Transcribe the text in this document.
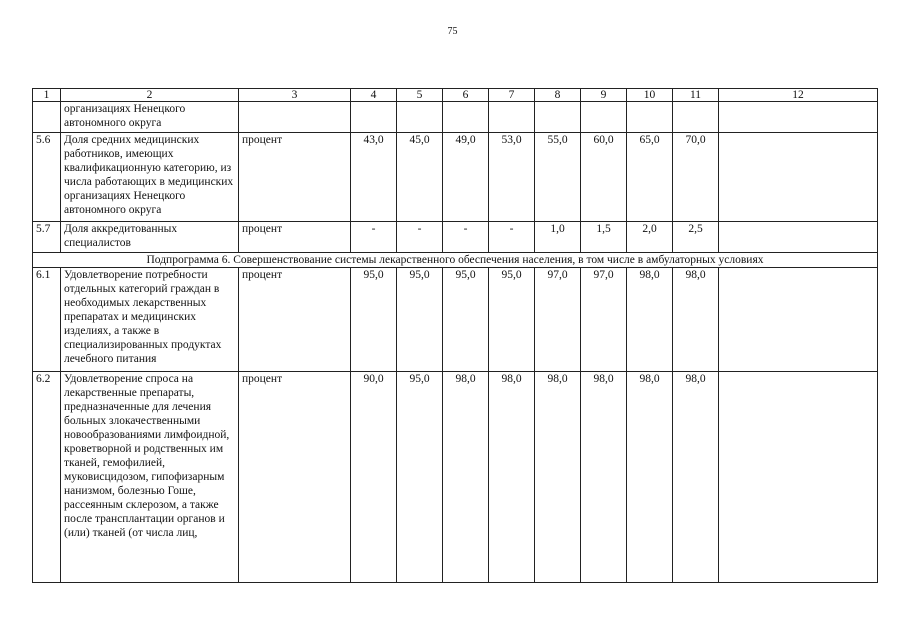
75
1	2	3	4	5	6	7	8	9	10	11	12
	организациях Ненецкого автономного округа										
5.6	Доля средних медицинских работников, имеющих квалификационную категорию, из числа работающих в медицинских организациях Ненецкого автономного округа	процент	43,0	45,0	49,0	53,0	55,0	60,0	65,0	70,0	
5.7	Доля аккредитованных специалистов	процент	-	-	-	-	1,0	1,5	2,0	2,5	
Подпрограмма 6. Совершенствование системы лекарственного обеспечения населения, в том числе в амбулаторных условиях											
6.1	Удовлетворение потребности отдельных категорий граждан в необходимых лекарственных препаратах и медицинских изделиях, а также в специализированных продуктах лечебного питания	процент	95,0	95,0	95,0	95,0	97,0	97,0	98,0	98,0	
6.2	Удовлетворение спроса на лекарственные препараты, предназначенные для лечения больных злокачественными новообразованиями лимфоидной, кроветворной и родственных им тканей, гемофилией, муковисцидозом, гипофизарным нанизмом, болезнью Гоше, рассеянным склерозом, а также после трансплантации органов и (или) тканей (от числа лиц,	процент	90,0	95,0	98,0	98,0	98,0	98,0	98,0	98,0	
